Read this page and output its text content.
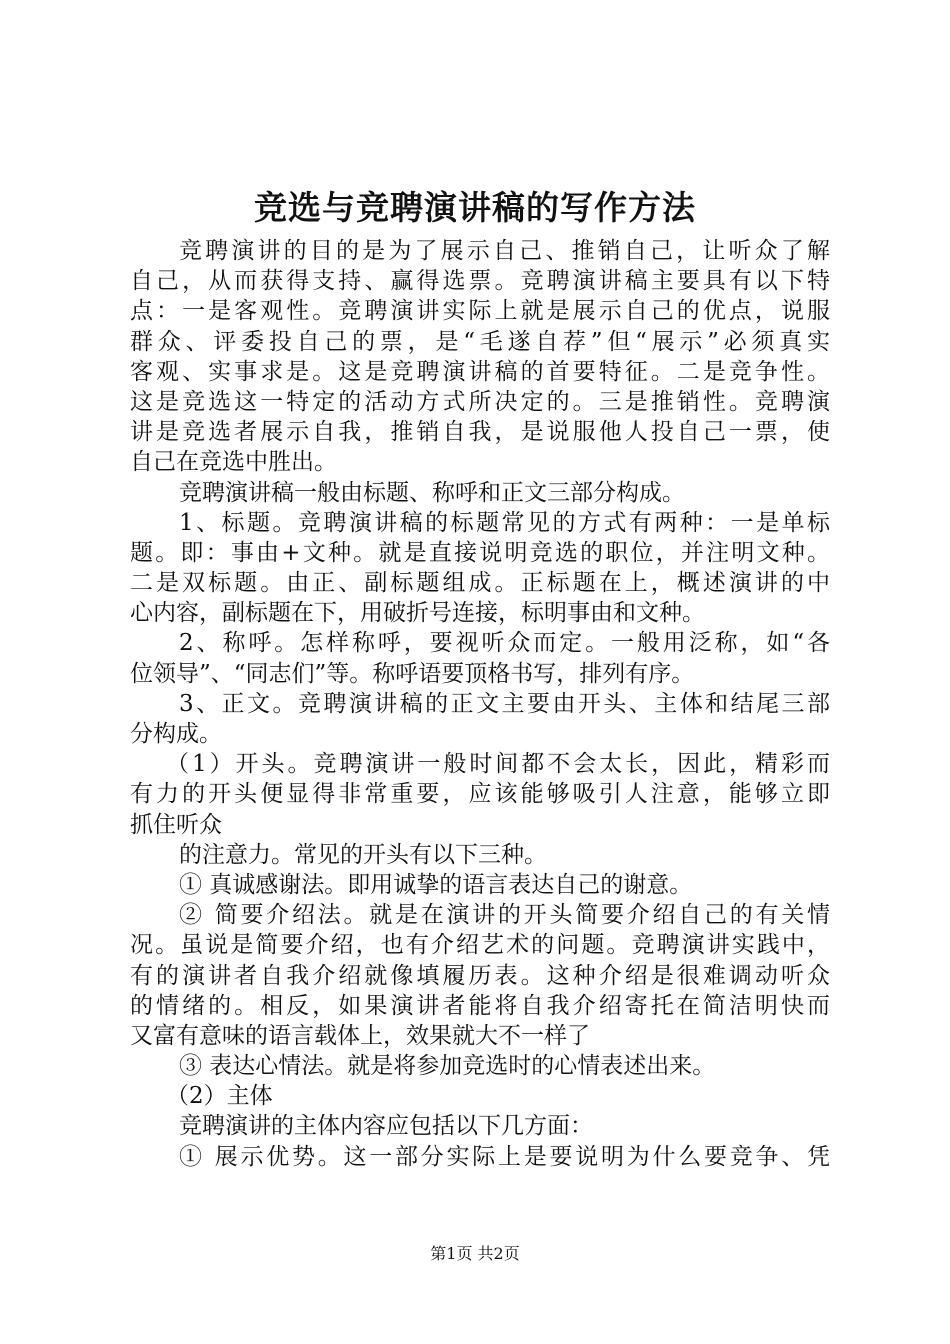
竞选与竞聘演讲稿的写作方法
竞聘演讲的目的是为了展示自己、推销自己，让听众了解
自己，从而获得支持、赢得选票。竞聘演讲稿主要具有以下特
点：一是客观性。竞聘演讲实际上就是展示自己的优点，说服
群众、评委投自己的票，是“毛遂自荐”但“展示”必须真实
客观、实事求是。这是竞聘演讲稿的首要特征。二是竞争性。
这是竞选这一特定的活动方式所决定的。三是推销性。竞聘演
讲是竞选者展示自我，推销自我，是说服他人投自己一票，使
自己在竞选中胜出。
竞聘演讲稿一般由标题、称呼和正文三部分构成。
1、标题。竞聘演讲稿的标题常见的方式有两种：一是单标
题。即：事由+文种。就是直接说明竞选的职位，并注明文种。
二是双标题。由正、副标题组成。正标题在上，概述演讲的中
心内容，副标题在下，用破折号连接，标明事由和文种。
2、称呼。怎样称呼，要视听众而定。一般用泛称，如“各
位领导”、“同志们”等。称呼语要顶格书写，排列有序。
3、正文。竞聘演讲稿的正文主要由开头、主体和结尾三部
分构成。
（1）开头。竞聘演讲一般时间都不会太长，因此，精彩而
有力的开头便显得非常重要，应该能够吸引人注意，能够立即
抓住听众
的注意力。常见的开头有以下三种。
① 真诚感谢法。即用诚挚的语言表达自己的谢意。
② 简要介绍法。就是在演讲的开头简要介绍自己的有关情
况。虽说是简要介绍，也有介绍艺术的问题。竞聘演讲实践中，
有的演讲者自我介绍就像填履历表。这种介绍是很难调动听众
的情绪的。相反，如果演讲者能将自我介绍寄托在简洁明快而
又富有意味的语言载体上，效果就大不一样了
③ 表达心情法。就是将参加竞选时的心情表述出来。
（2）主体
竞聘演讲的主体内容应包括以下几方面：
① 展示优势。这一部分实际上是要说明为什么要竞争、凭
第1页 共2页
